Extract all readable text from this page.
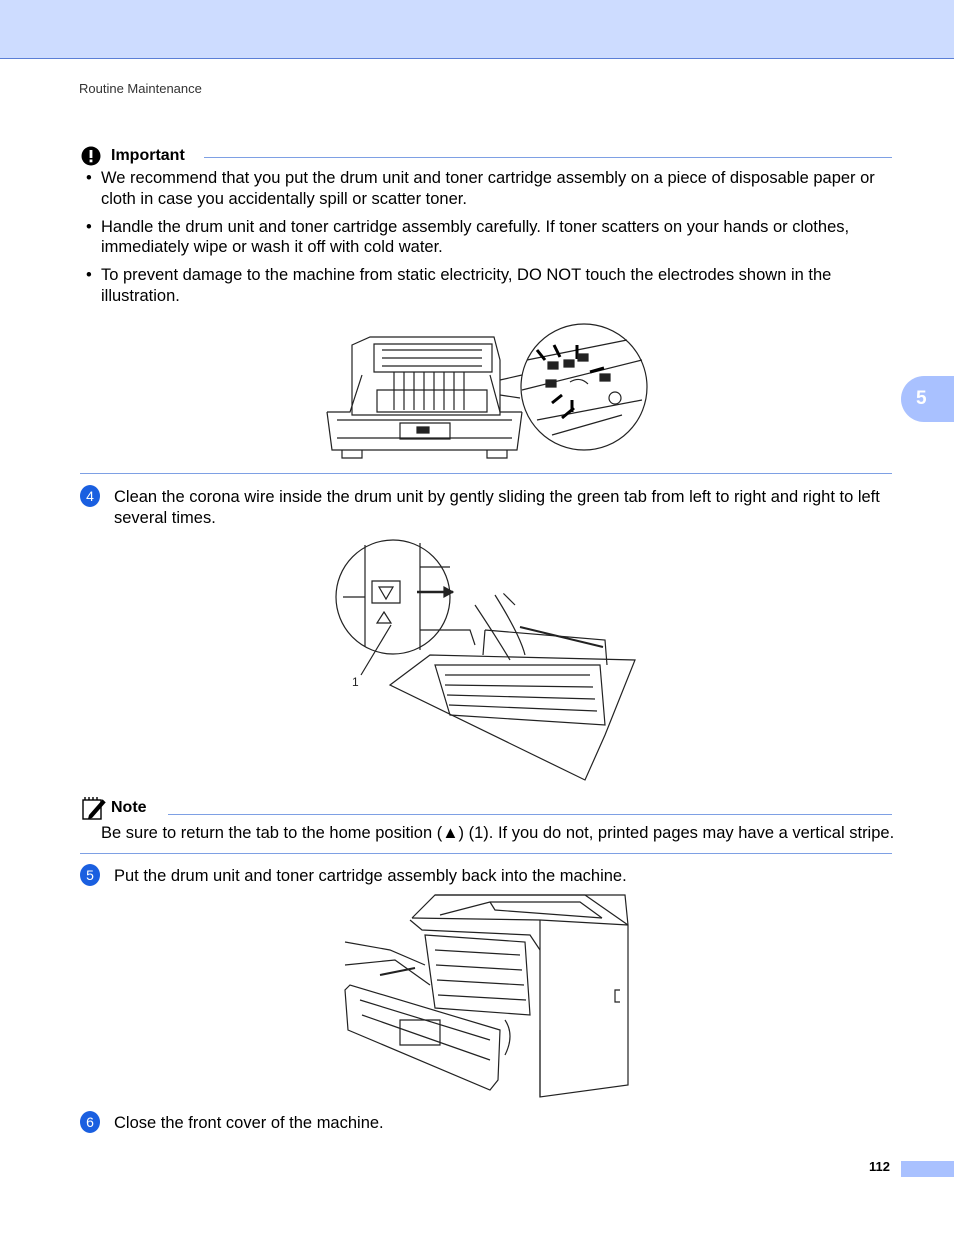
Routine Maintenance
5
Important
• We recommend that you put the drum unit and toner cartridge assembly on a piece of disposable paper or cloth in case you accidentally spill or scatter toner.
• Handle the drum unit and toner cartridge assembly carefully. If toner scatters on your hands or clothes, immediately wipe or wash it off with cold water.
• To prevent damage to the machine from static electricity, DO NOT touch the electrodes shown in the illustration.
4	Clean the corona wire inside the drum unit by gently sliding the green tab from left to right and right to left several times.
1
Note
Be sure to return the tab to the home position (▲) (1). If you do not, printed pages may have a vertical stripe.
5	Put the drum unit and toner cartridge assembly back into the machine.
6	Close the front cover of the machine.
112
